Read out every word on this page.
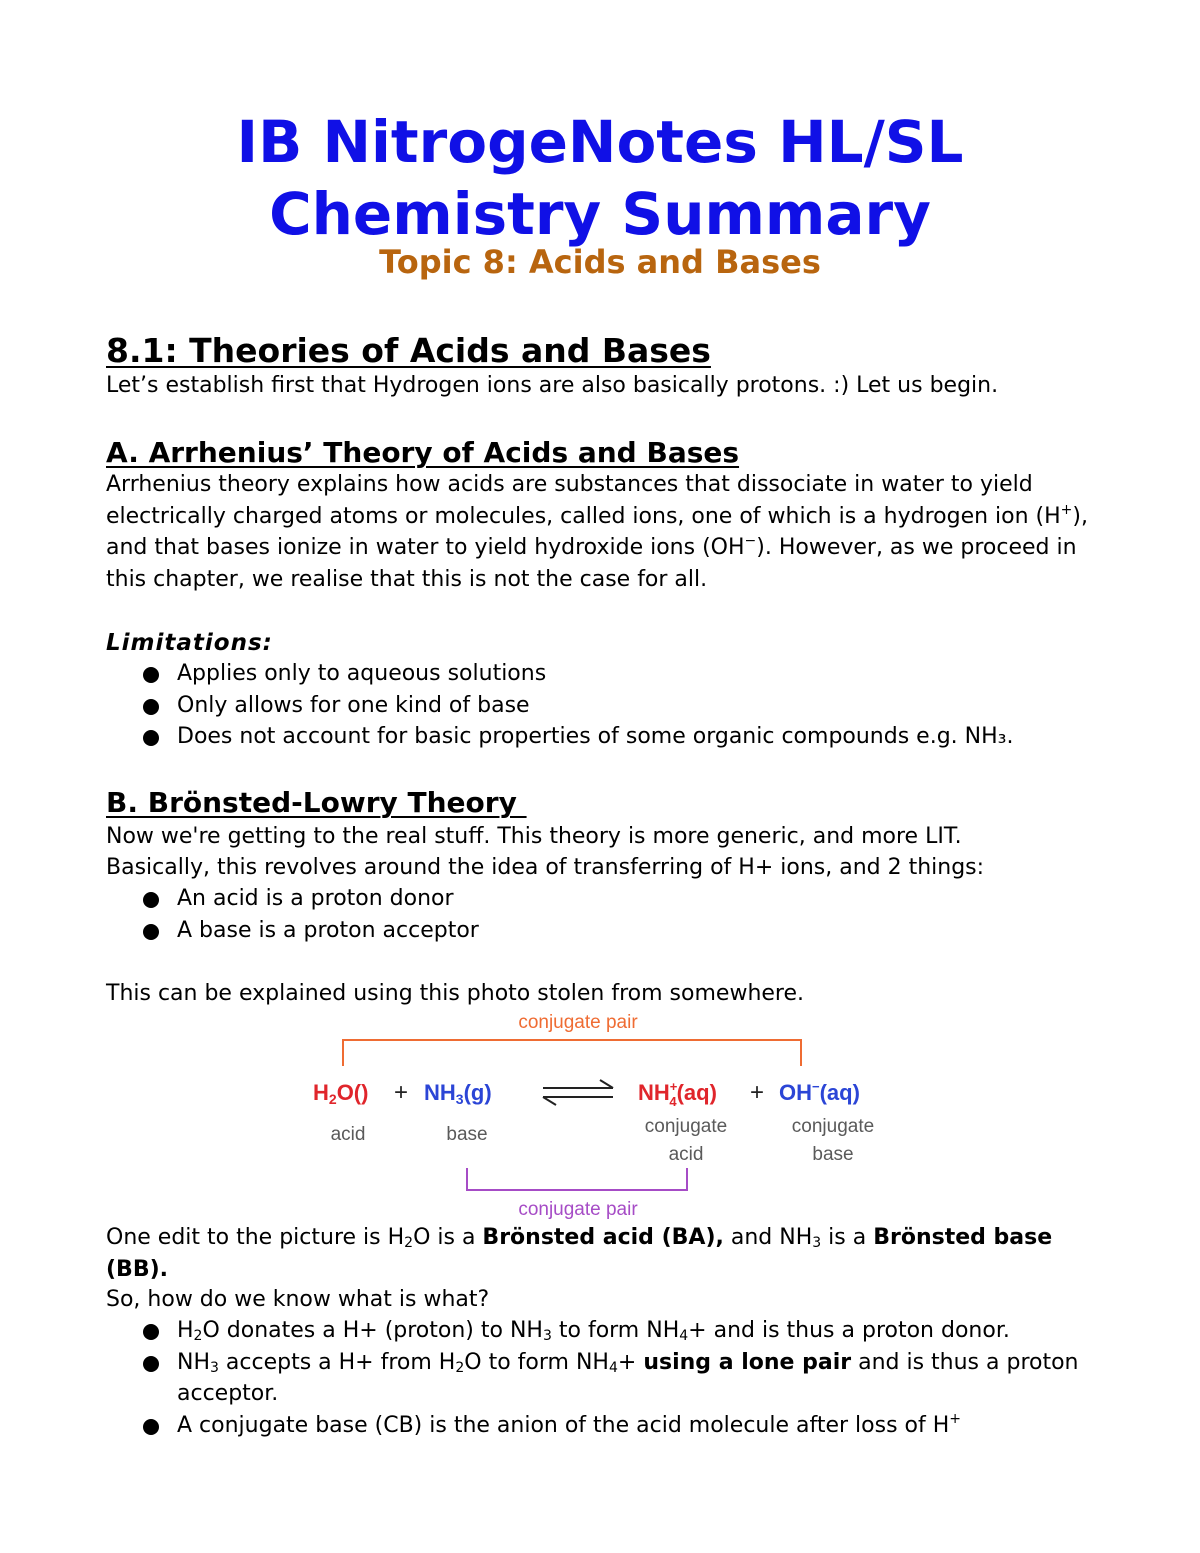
IB NitrogeNotes HL/SL
Chemistry Summary
Topic 8: Acids and Bases
8.1: Theories of Acids and Bases

Let’s establish first that Hydrogen ions are also basically protons. :) Let us begin.

A. Arrhenius’ Theory of Acids and Bases

Arrhenius theory explains how acids are substances that dissociate in water to yield electrically charged atoms or molecules, called ions, one of which is a hydrogen ion (H+), and that bases ionize in water to yield hydroxide ions (OH−). However, as we proceed in this chapter, we realise that this is not the case for all.

Limitations:
Applies only to aqueous solutions
Only allows for one kind of base
Does not account for basic properties of some organic compounds e.g. NH₃.
B. Brönsted-Lowry Theory

Now we're getting to the real stuff. This theory is more generic, and more LIT.

Basically, this revolves around the idea of transferring of H+ ions, and 2 things:

An acid is a proton donor
A base is a proton acceptor

This can be explained using this photo stolen from somewhere.

conjugate pair
H2O() + NH3(g)	NH+ 4(aq) + OH−(aq)
acid	base	conjugate
acid
conjugate
base
conjugate pair

One edit to the picture is $H_2O$ is a Brönsted acid (BA), and $NH_3$ is a Brönsted base (BB).

So, how do we know what is what?

$H_2O$ donates a H+ (proton) to $NH_3$ to form $NH_4+$ and is thus a proton donor.
$NH_3$ accepts a H+ from $H_2O$ to form $NH_4+ using$ a lone pair and is thus a proton acceptor.
A conjugate base (CB) is the anion of the acid molecule after loss of H+
